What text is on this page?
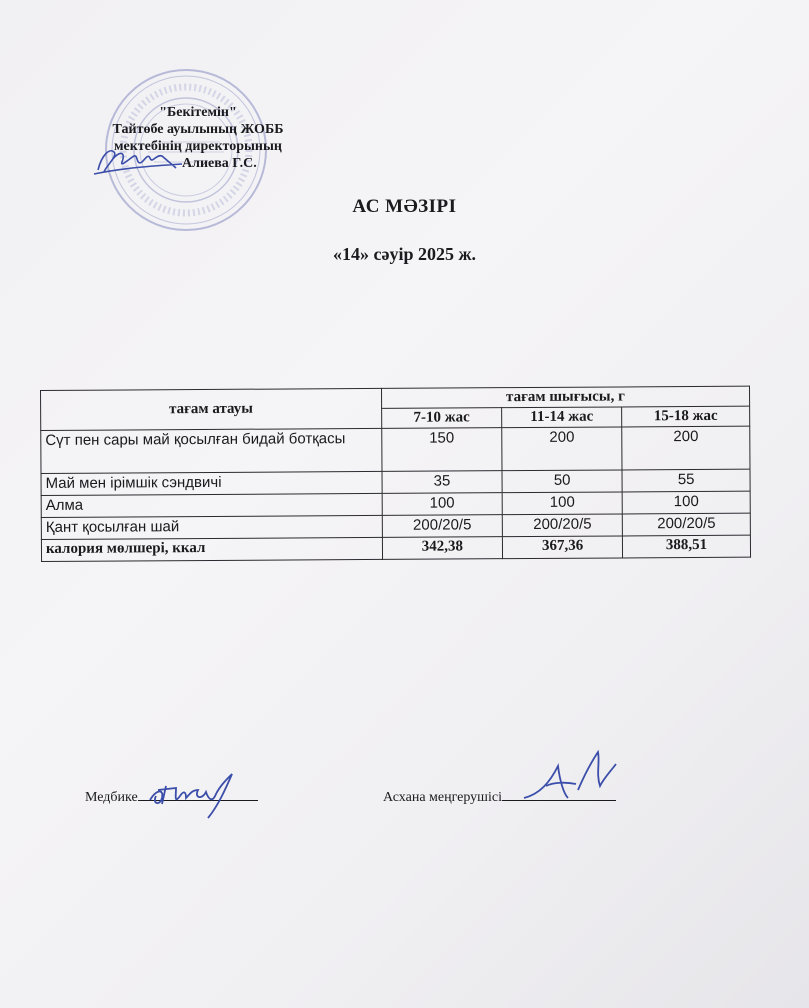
"Бекітемін"
Тайтөбе ауылының ЖОББ
мектебінің директорының
Алиева Г.С.
АС МӘЗІРІ
«14» сәуір 2025 ж.
тағам атауы	тағам шығысы, г		
	7-10 жас	11-14 жас	15-18 жас
Сүт пен сары май қосылған бидай ботқасы	150	200	200
Май мен ірімшік сэндвичі	35	50	55
Алма	100	100	100
Қант қосылған шай	200/20/5	200/20/5	200/20/5
калория мөлшері, ккал	342,38	367,36	388,51
Медбике	Асхана меңгерушісі
